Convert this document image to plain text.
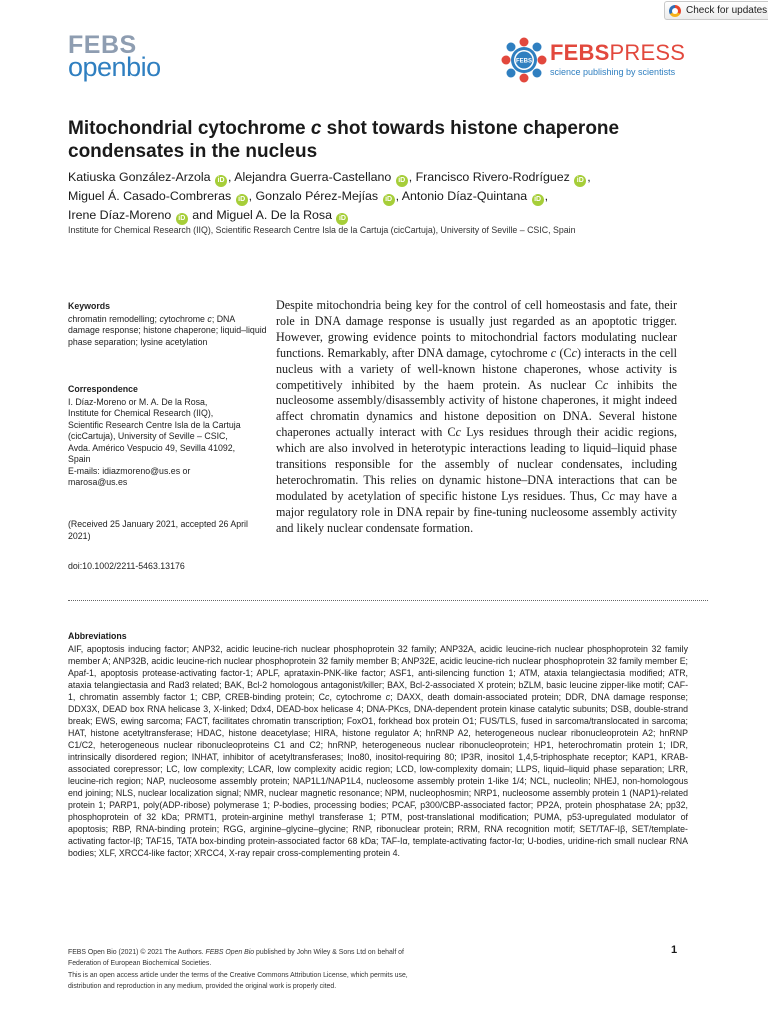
Check for updates
FEBS
openbio	FEBS FEBSPRESS
science publishing by scientists
Mitochondrial cytochrome c shot towards histone chaperone condensates in the nucleus
Katiuska González-Arzola iD , Alejandra Guerra-Castellano iD , Francisco Rivero-Rodríguez iD ,
Miguel Á. Casado-Combreras iD , Gonzalo Pérez-Mejías iD , Antonio Díaz-Quintana iD ,
Irene Díaz-Moreno iD and Miguel A. De la Rosa iD
Institute for Chemical Research (IIQ), Scientific Research Centre Isla de la Cartuja (cicCartuja), University of Seville – CSIC, Spain
Keywords
chromatin remodelling; cytochrome c; DNA damage response; histone chaperone; liquid–liquid phase separation; lysine acetylation
Correspondence
I. Díaz-Moreno or M. A. De la Rosa,
Institute for Chemical Research (IIQ),
Scientific Research Centre Isla de la Cartuja
(cicCartuja), University of Seville – CSIC,
Avda. Américo Vespucio 49, Sevilla 41092,
Spain
E-mails: idiazmoreno@us.es or
marosa@us.es
(Received 25 January 2021, accepted 26 April 2021)
doi:10.1002/2211-5463.13176

Despite mitochondria being key for the control of cell homeostasis and fate, their role in DNA damage response is usually just regarded as an apoptotic trigger. However, growing evidence points to mitochondrial factors modulating nuclear functions. Remarkably, after DNA damage, cytochrome c (Cc) interacts in the cell nucleus with a variety of well-known histone chaperones, whose activity is competitively inhibited by the haem protein. As nuclear Cc inhibits the nucleosome assembly/disassembly activity of histone chaperones, it might indeed affect chromatin dynamics and histone deposition on DNA. Several histone chaperones actually interact with Cc Lys residues through their acidic regions, which are also involved in heterotypic interactions leading to liquid–liquid phase transitions responsible for the assembly of nuclear condensates, including heterochromatin. This relies on dynamic histone–DNA interactions that can be modulated by acetylation of specific histone Lys residues. Thus, Cc may have a major regulatory role in DNA repair by fine-tuning nucleosome assembly activity and likely nuclear condensate formation.

Abbreviations

AIF, apoptosis inducing factor; ANP32, acidic leucine-rich nuclear phosphoprotein 32 family; ANP32A, acidic leucine-rich nuclear phosphoprotein 32 family member A; ANP32B, acidic leucine-rich nuclear phosphoprotein 32 family member B; ANP32E, acidic leucine-rich nuclear phosphoprotein 32 family member E; Apaf-1, apoptosis protease-activating factor-1; APLF, aprataxin-PNK-like factor; ASF1, anti-silencing function 1; ATM, ataxia telangiectasia modified; ATR, ataxia telangiectasia and Rad3 related; BAK, Bcl-2 homologous antagonist/killer; BAX, Bcl-2-associated X protein; bZLM, basic leucine zipper-like motif; CAF-1, chromatin assembly factor 1; CBP, CREB-binding protein; Cc, cytochrome c; DAXX, death domain-associated protein; DDR, DNA damage response; DDX3X, DEAD box RNA helicase 3, X-linked; Ddx4, DEAD-box helicase 4; DNA-PKcs, DNA-dependent protein kinase catalytic subunits; DSB, double-strand break; EWS, ewing sarcoma; FACT, facilitates chromatin transcription; FoxO1, forkhead box protein O1; FUS/TLS, fused in sarcoma/translocated in sarcoma; HAT, histone acetyltransferase; HDAC, histone deacetylase; HIRA, histone regulator A; hnRNP A2, heterogeneous nuclear ribonucleoprotein A2; hnRNP C1/C2, heterogeneous nuclear ribonucleoproteins C1 and C2; hnRNP, heterogeneous nuclear ribonucleoprotein; HP1, heterochromatin protein 1; IDR, intrinsically disordered region; INHAT, inhibitor of acetyltransferases; Ino80, inositol-requiring 80; IP3R, inositol 1,4,5-triphosphate receptor; KAP1, KRAB-associated corepressor; LC, low complexity; LCAR, low complexity acidic region; LCD, low-complexity domain; LLPS, liquid–liquid phase separation; LRR, leucine-rich region; NAP, nucleosome assembly protein; NAP1L1/NAP1L4, nucleosome assembly protein 1-like 1/4; NCL, nucleolin; NHEJ, non-homologous end joining; NLS, nuclear localization signal; NMR, nuclear magnetic resonance; NPM, nucleophosmin; NRP1, nucleosome assembly protein 1 (NAP1)-related protein 1; PARP1, poly(ADP-ribose) polymerase 1; P-bodies, processing bodies; PCAF, p300/CBP-associated factor; PP2A, protein phosphatase 2A; pp32, phosphoprotein of 32 kDa; PRMT1, protein-arginine methyl transferase 1; PTM, post-translational modification; PUMA, p53-upregulated modulator of apoptosis; RBP, RNA-binding protein; RGG, arginine–glycine–glycine; RNP, ribonuclear protein; RRM, RNA recognition motif; SET/TAF-Iβ, SET/template-activating factor-Iβ; TAF15, TATA box-binding protein-associated factor 68 kDa; TAF-Iα, template-activating factor-Iα; U-bodies, uridine-rich small nuclear RNA bodies; XLF, XRCC4-like factor; XRCC4, X-ray repair cross-complementing protein 4.

FEBS Open Bio (2021) © 2021 The Authors. FEBS Open Bio published by John Wiley & Sons Ltd on behalf of
Federation of European Biochemical Societies.
This is an open access article under the terms of the Creative Commons Attribution License, which permits use,
distribution and reproduction in any medium, provided the original work is properly cited.
1
